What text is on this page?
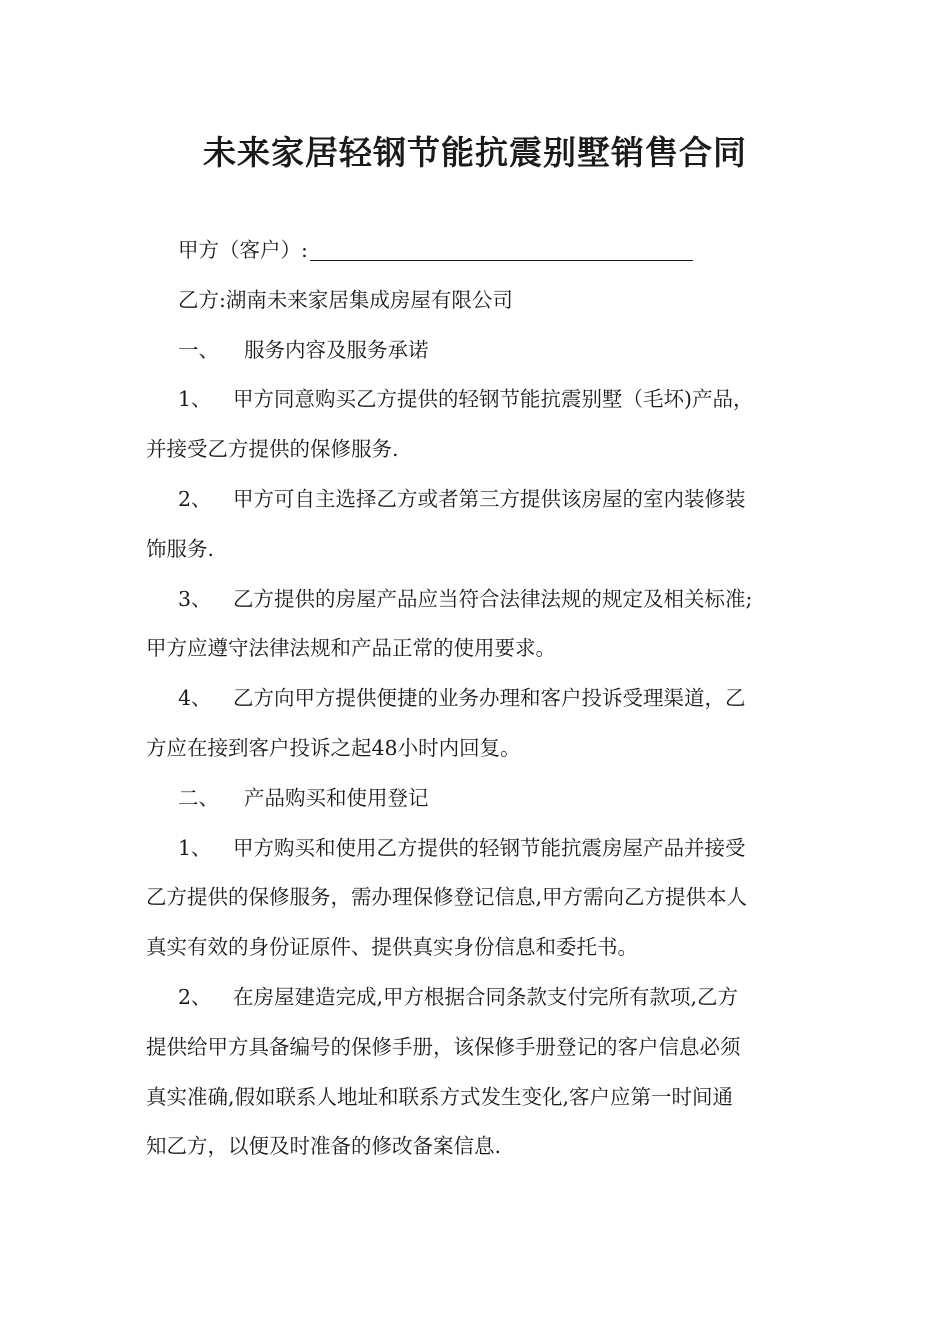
未来家居轻钢节能抗震别墅销售合同
甲方（客户）:
乙方:湖南未来家居集成房屋有限公司
一、 服务内容及服务承诺
1、 甲方同意购买乙方提供的轻钢节能抗震别墅（毛坏)产品，
并接受乙方提供的保修服务.
2、 甲方可自主选择乙方或者第三方提供该房屋的室内装修装
饰服务.
3、 乙方提供的房屋产品应当符合法律法规的规定及相关标准;
甲方应遵守法律法规和产品正常的使用要求。
4、 乙方向甲方提供便捷的业务办理和客户投诉受理渠道，乙
方应在接到客户投诉之起48小时内回复。
二、 产品购买和使用登记
1、 甲方购买和使用乙方提供的轻钢节能抗震房屋产品并接受
乙方提供的保修服务，需办理保修登记信息,甲方需向乙方提供本人
真实有效的身份证原件、提供真实身份信息和委托书。
2、 在房屋建造完成,甲方根据合同条款支付完所有款项,乙方
提供给甲方具备编号的保修手册，该保修手册登记的客户信息必须
真实准确,假如联系人地址和联系方式发生变化,客户应第一时间通
知乙方，以便及时准备的修改备案信息.
